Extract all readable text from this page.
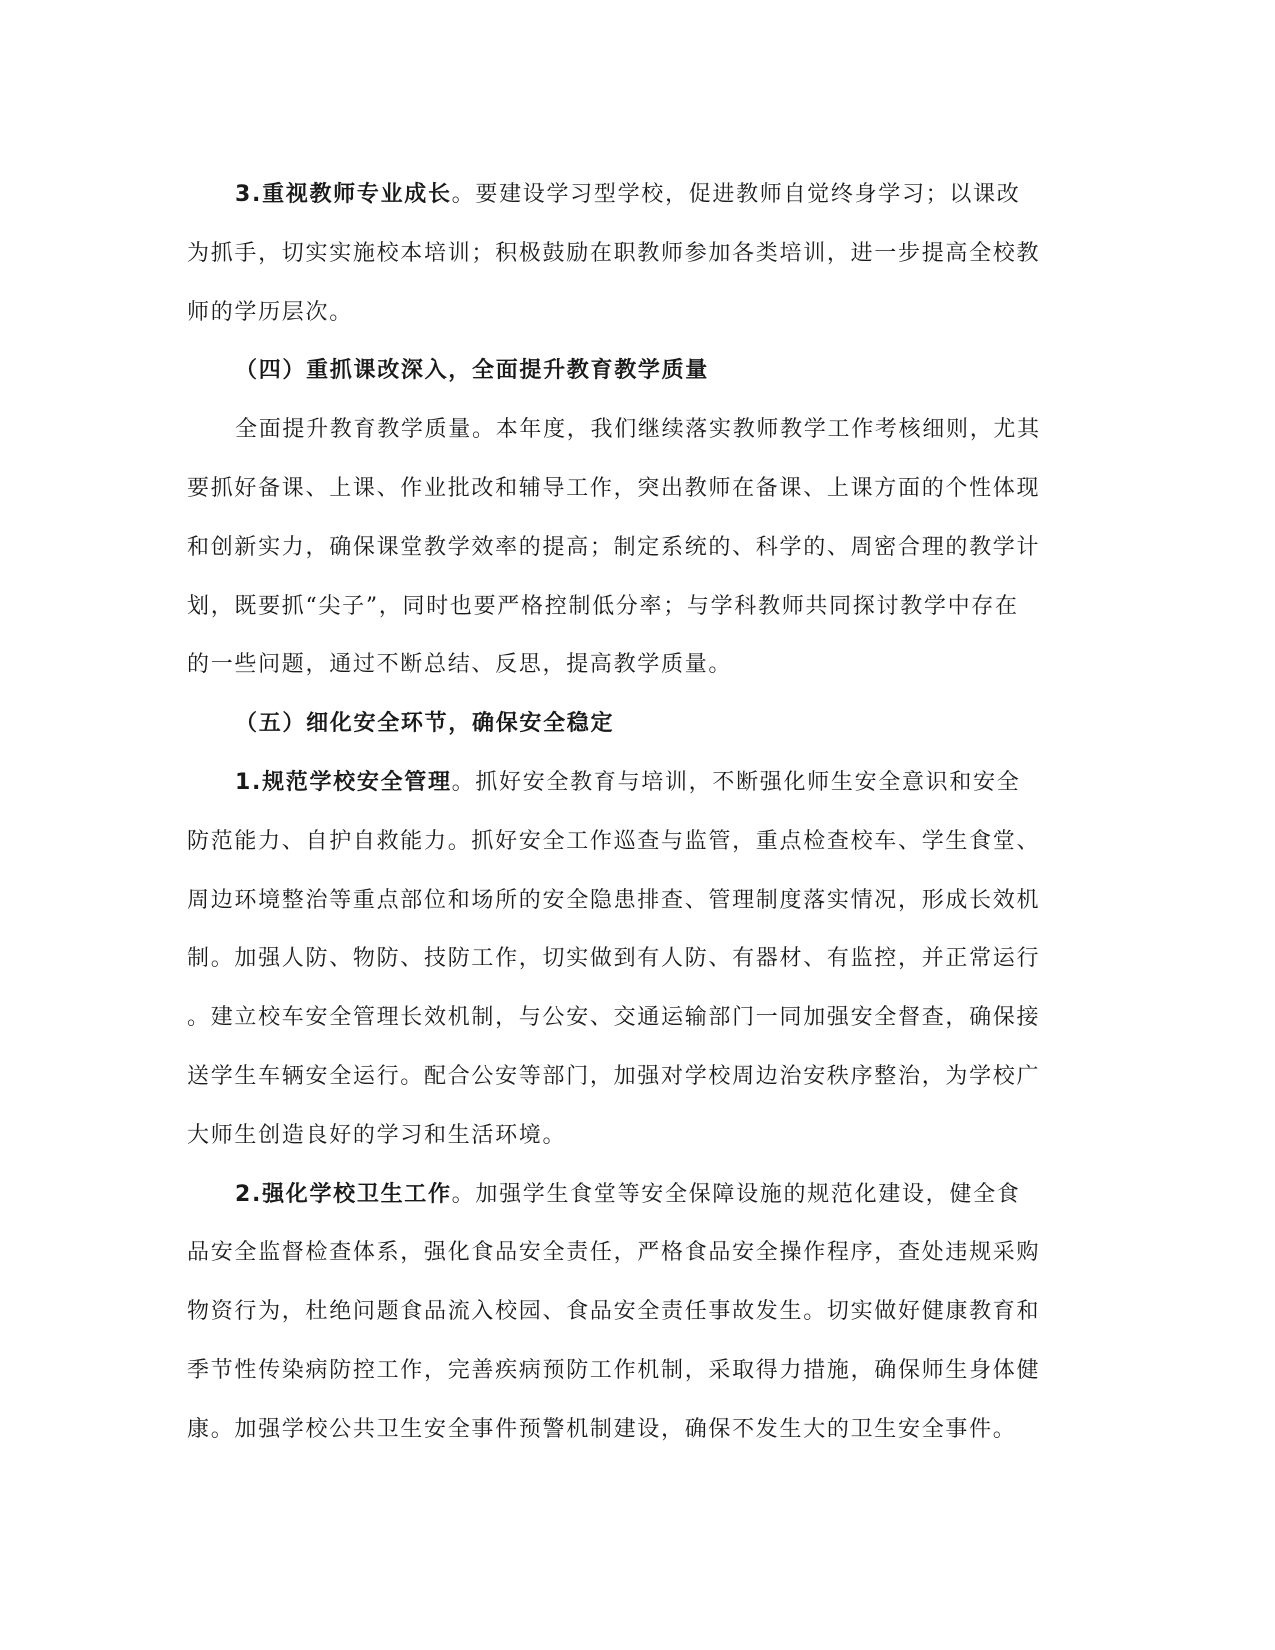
3.重视教师专业成长。要建设学习型学校，促进教师自觉终身学习；以课改
为抓手，切实实施校本培训；积极鼓励在职教师参加各类培训，进一步提高全校教
师的学历层次。
（四）重抓课改深入，全面提升教育教学质量
全面提升教育教学质量。本年度，我们继续落实教师教学工作考核细则，尤其
要抓好备课、上课、作业批改和辅导工作，突出教师在备课、上课方面的个性体现
和创新实力，确保课堂教学效率的提高；制定系统的、科学的、周密合理的教学计
划，既要抓“尖子”，同时也要严格控制低分率；与学科教师共同探讨教学中存在
的一些问题，通过不断总结、反思，提高教学质量。
（五）细化安全环节，确保安全稳定
1.规范学校安全管理。抓好安全教育与培训，不断强化师生安全意识和安全
防范能力、自护自救能力。抓好安全工作巡查与监管，重点检查校车、学生食堂、
周边环境整治等重点部位和场所的安全隐患排查、管理制度落实情况，形成长效机
制。加强人防、物防、技防工作，切实做到有人防、有器材、有监控，并正常运行
。建立校车安全管理长效机制，与公安、交通运输部门一同加强安全督查，确保接
送学生车辆安全运行。配合公安等部门，加强对学校周边治安秩序整治，为学校广
大师生创造良好的学习和生活环境。
2.强化学校卫生工作。加强学生食堂等安全保障设施的规范化建设，健全食
品安全监督检查体系，强化食品安全责任，严格食品安全操作程序，查处违规采购
物资行为，杜绝问题食品流入校园、食品安全责任事故发生。切实做好健康教育和
季节性传染病防控工作，完善疾病预防工作机制，采取得力措施，确保师生身体健
康。加强学校公共卫生安全事件预警机制建设，确保不发生大的卫生安全事件。
